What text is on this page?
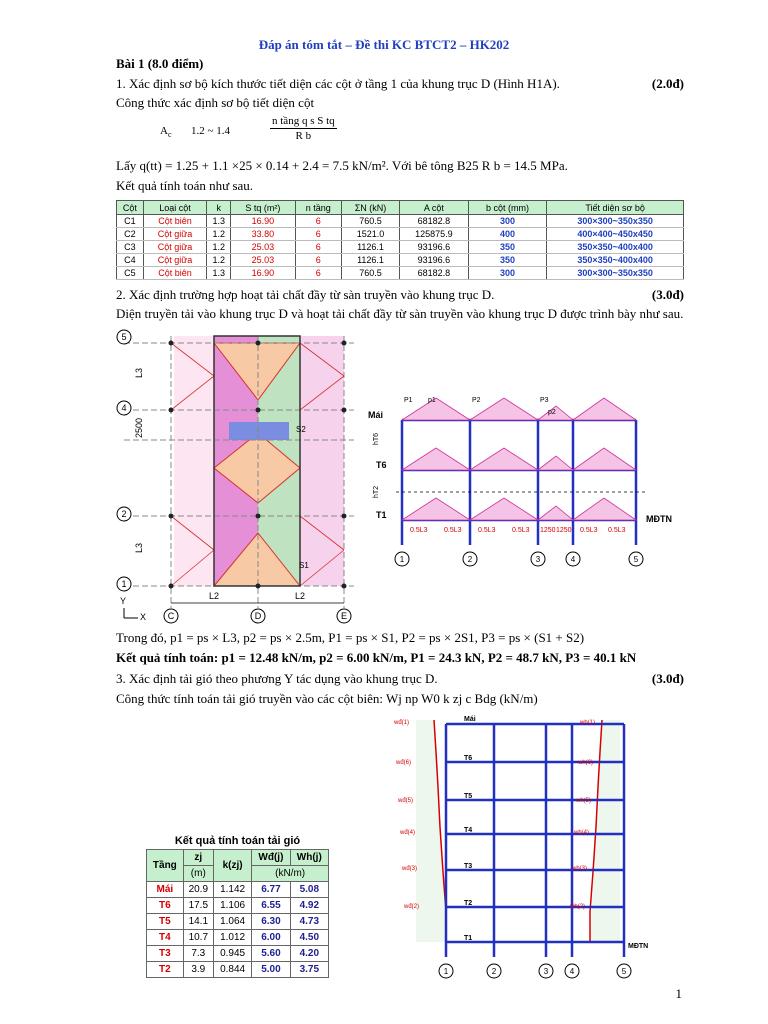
Đáp án tóm tắt – Đề thi KC BTCT2 – HK202
Bài 1 (8.0 điểm)
1. Xác định sơ bộ kích thước tiết diện các cột ở tầng 1 của khung trục D (Hình H1A).	(2.0đ)
Công thức xác định sơ bộ tiết diện cột
$A_c$ 1.2 ~ 1.4
n tầng q s S tq
R b
Lấy q(tt) = 1.25 + 1.1 ×25 × 0.14 + 2.4 = 7.5 kN/m². Với bê tông B25 R b = 14.5 MPa.
Kết quả tính toán như sau.
Cột	Loại cột	k	S tq (m²)	n tầng	ΣN (kN)	A cột	b cột (mm)	Tiết diện sơ bộ
C1	Cột biên	1.3	16.90	6	760.5	68182.8	300	300×300~350x350
C2	Cột giữa	1.2	33.80	6	1521.0	125875.9	400	400×400~450x450
C3	Cột giữa	1.2	25.03	6	1126.1	93196.6	350	350×350~400x400
C4	Cột giữa	1.2	25.03	6	1126.1	93196.6	350	350×350~400x400
C5	Cột biên	1.3	16.90	6	760.5	68182.8	300	300×300~350x350
2. Xác định trường hợp hoạt tải chất đầy từ sàn truyền vào khung trục D.	(3.0đ)
Diện truyền tải vào khung trục D và hoạt tải chất đầy từ sàn truyền vào khung trục D được trình bày như sau.
5
4
2
1
L3
2500
L3
L2	L2
S1
S2
C	D	E
Y
X
Mái
T6
T1	MĐTN
hT6
hT2
0.5L3 0.5L3 0.5L3 0.5L3 1250 1250 0.5L3 0.5L3
P1 p1	P2	P3
p2
1	2	3	4	5
Trong đó, p1 = ps × L3, p2 = ps × 2.5m, P1 = ps × S1, P2 = ps × 2S1, P3 = ps × (S1 + S2)
Kết quả tính toán: p1 = 12.48 kN/m, p2 = 6.00 kN/m, P1 = 24.3 kN, P2 = 48.7 kN, P3 = 40.1 kN
3. Xác định tải gió theo phương Y tác dụng vào khung trục D.	(3.0đ)
Công thức tính toán tải gió truyền vào các cột biên: Wj np W0 k zj c Bdg (kN/m)
Mái
T6
T5
T4
T3
T2
T1
MĐTN
wđ(1)
wđ(6)
wđ(5)
wđ(4)
wđ(3)
wđ(2)
wh(1)
wh(6)
wh(5)
wh(4)
wh(3)
wh(2)
1	2	3	4	5
Kết quả tính toán tải gió				
Tầng	zj	k(zj)	Wđ(j)	Wh(j)
	(m)		(kN/m)	
Mái	20.9	1.142	6.77	5.08
T6	17.5	1.106	6.55	4.92
T5	14.1	1.064	6.30	4.73
T4	10.7	1.012	6.00	4.50
T3	7.3	0.945	5.60	4.20
T2	3.9	0.844	5.00	3.75
1
